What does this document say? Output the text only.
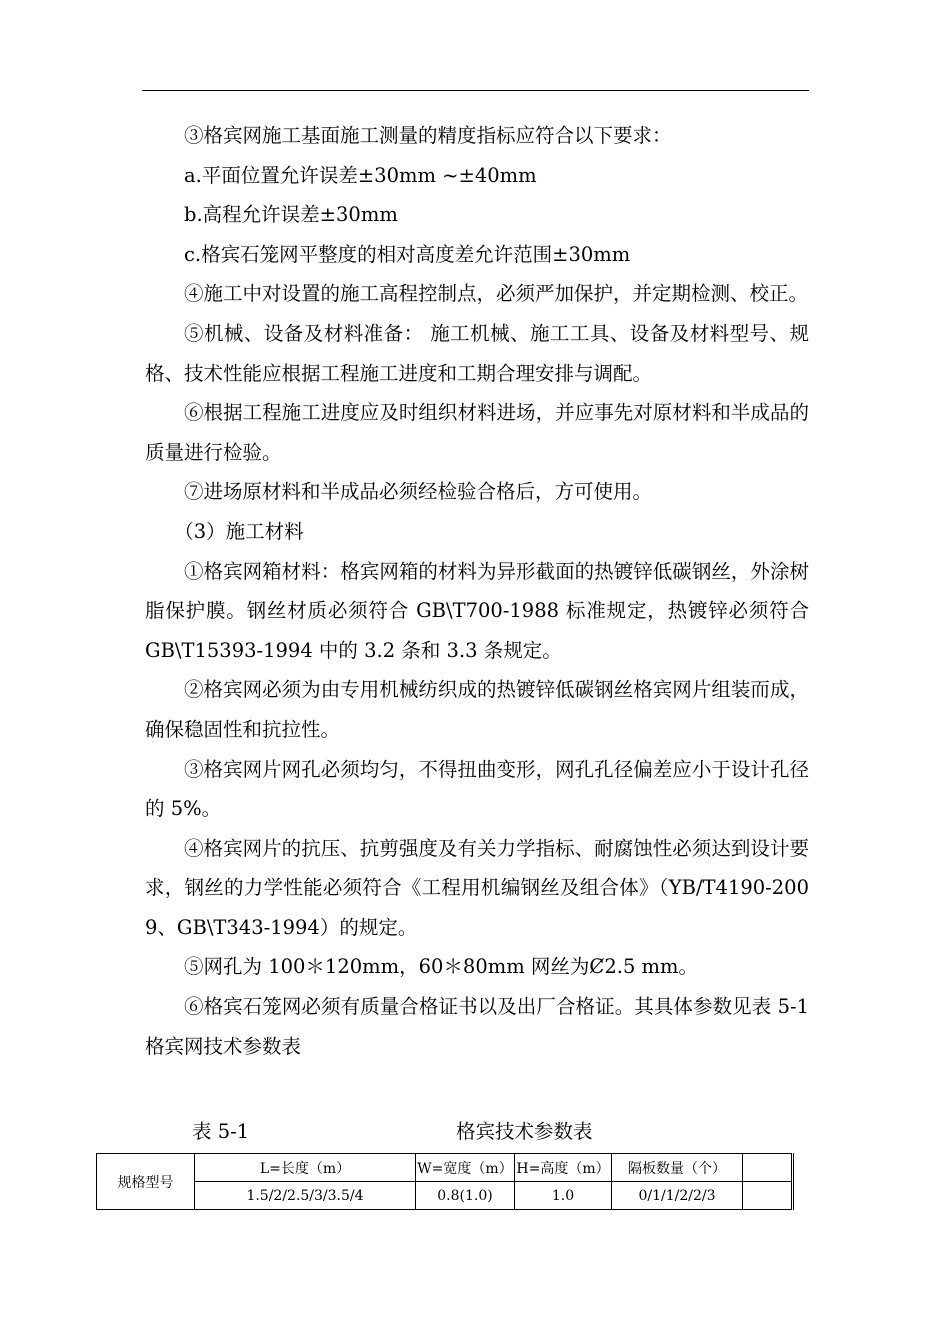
③格宾网施工基面施工测量的精度指标应符合以下要求：

a.平面位置允许误差±30mm ~±40mm

b.高程允许误差±30mm

c.格宾石笼网平整度的相对高度差允许范围±30mm

④施工中对设置的施工高程控制点，必须严加保护，并定期检测、校正。

⑤机械、设备及材料准备： 施工机械、施工工具、设备及材料型号、规格、技术性能应根据工程施工进度和工期合理安排与调配。

⑥根据工程施工进度应及时组织材料进场，并应事先对原材料和半成品的质量进行检验。

⑦进场原材料和半成品必须经检验合格后，方可使用。

（3）施工材料

①格宾网箱材料：格宾网箱的材料为异形截面的热镀锌低碳钢丝，外涂树脂保护膜。钢丝材质必须符合 GB\T700-1988 标准规定，热镀锌必须符合 GB\T15393-1994 中的 3.2 条和 3.3 条规定。

②格宾网必须为由专用机械纺织成的热镀锌低碳钢丝格宾网片组装而成，确保稳固性和抗拉性。

③格宾网片网孔必须均匀，不得扭曲变形，网孔孔径偏差应小于设计孔径的 5%。

④格宾网片的抗压、抗剪强度及有关力学指标、耐腐蚀性必须达到设计要求，钢丝的力学性能必须符合《工程用机编钢丝及组合体》（YB/T4190-2009、GB\T343-1994）的规定。

⑤网孔为 100＊120mm，60＊80mm 网丝为Ȼ2.5 mm。

⑥格宾石笼网必须有质量合格证书以及出厂合格证。其具体参数见表 5-1 格宾网技术参数表

表 5-1	格宾技术参数表
规格型号	L=长度（m）	W=宽度（m）	H=高度（m）	隔板数量（个）	
	1.5/2/2.5/3/3.5/4	0.8(1.0)	1.0	0/1/1/2/2/3	
